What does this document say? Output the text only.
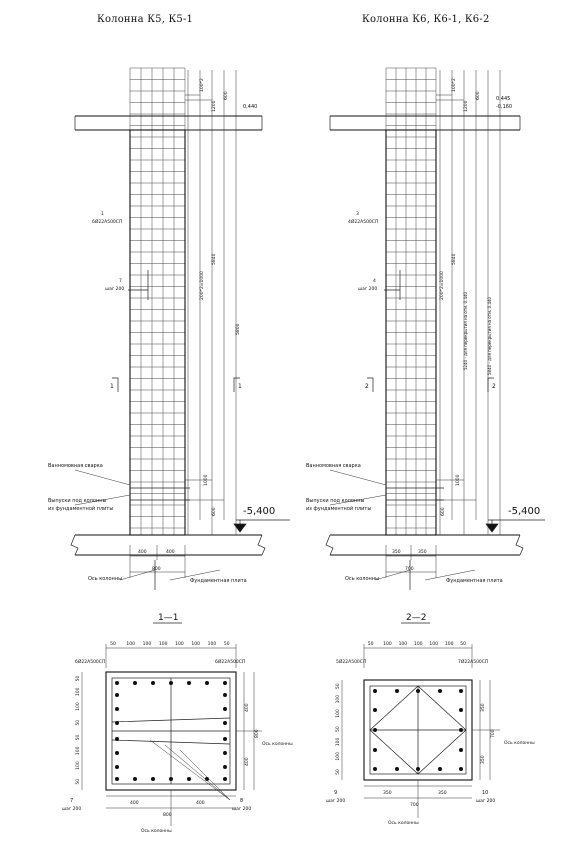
Колонна К5, К5-1	Колонна К6, К6-1, К6-2
0,440
100*2
1200
600
1
6Ø22А500СП
7
шаг 200	200*2=1000
5840
5800
1	1
Ванномовная сварка
Выпуски под колонны
из фундаментной плиты
1000
600	-5,400
400	400
800
Ось колонны	Фундаментная плита
0,445
-0,160
100*2
1200
600
3
4Ø22А500СП
4
шаг 200	200*2=1000
5840
5240 - для перекрытия на отм. 0.440	5840 - для перекрытия на отм. 0.440
2	2
Ванномовная сварка
Выпуски под колонны
из фундаментной плиты
1000
600	-5,400
350	350
700
Ось колонны	Фундаментная плита
1—1
50 100 100 100 100 100 100 50
6Ø22А500СП	6Ø22А500СП
50
100
100
50
50
100
100
50
400
800
400
Ось колонны
400	400
800
7
шаг 200
8
шаг 200
Ось колонны
2—2
50 100 100 100 100 100 50
5Ø22А500СП	7Ø22А500СП
50
100
100
50
100
100
50
350
700
350
Ось колонны
350	350
700
9
шаг 200
10
шаг 200
Ось колонны
